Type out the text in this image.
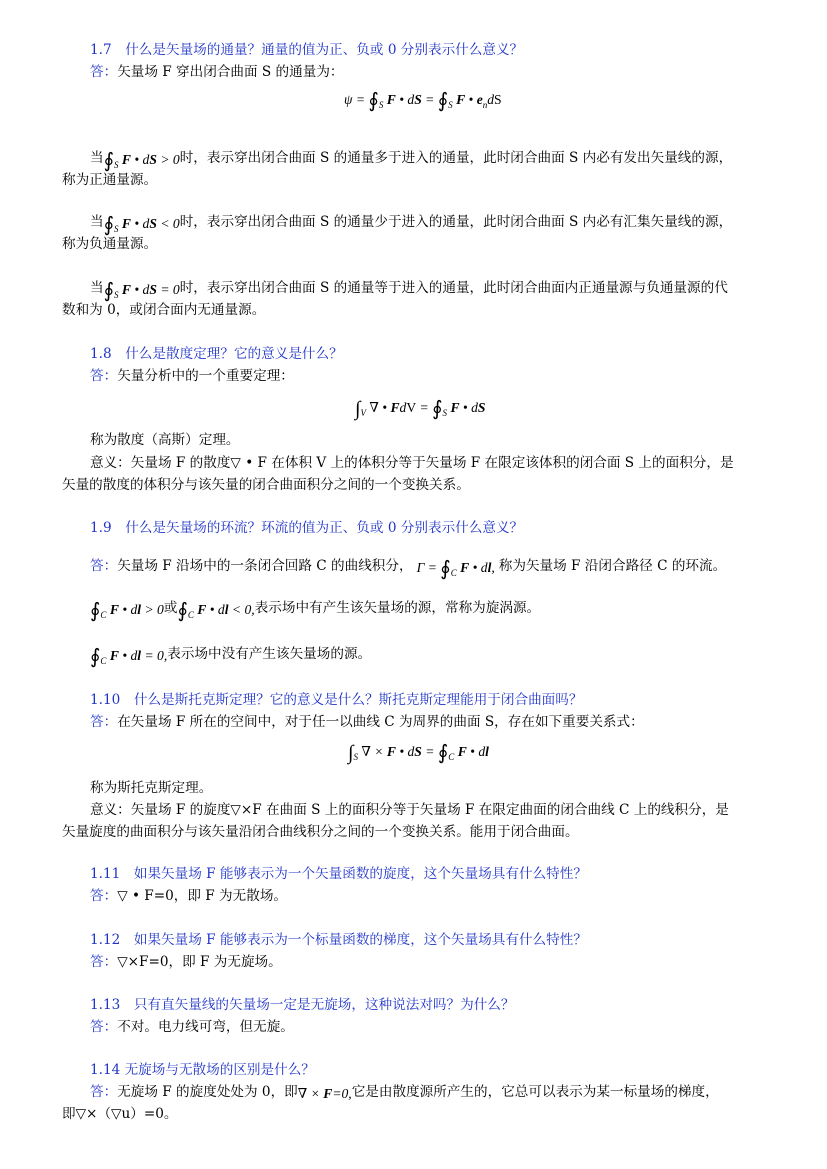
1.7　什么是矢量场的通量？通量的值为正、负或 0 分别表示什么意义？
答：矢量场 F 穿出闭合曲面 S 的通量为：
$\psi = ∮_S$ F • dS = $∮_S$ F • $e_ndS$
当$∮_S$ F • dS > 0时，表示穿出闭合曲面 S 的通量多于进入的通量，此时闭合曲面 S 内必有发出矢量线的源，
称为正通量源。
当$∮_S$ F • dS < 0时，表示穿出闭合曲面 S 的通量少于进入的通量，此时闭合曲面 S 内必有汇集矢量线的源，
称为负通量源。
当$∮_S$ F • dS = 0时，表示穿出闭合曲面 S 的通量等于进入的通量，此时闭合曲面内正通量源与负通量源的代
数和为 0，或闭合面内无通量源。
1.8　什么是散度定理？它的意义是什么？
答：矢量分析中的一个重要定理：
$\int_V$ ∇ • FdV = $∮_S$ F • dS
称为散度（高斯）定理。
意义：矢量场 F 的散度▽ • F 在体积 V 上的体积分等于矢量场 F 在限定该体积的闭合面 S 上的面积分，是
矢量的散度的体积分与该矢量的闭合曲面积分之间的一个变换关系。
1.9　什么是矢量场的环流？环流的值为正、负或 0 分别表示什么意义？
答：矢量场 F 沿场中的一条闭合回路 C 的曲线积分， $\Gamma = ∮_C$ F • dl, 称为矢量场 F 沿闭合路径 C 的环流。
$∮_C$ F • dl > 0或$∮_C$ F • dl < 0,表示场中有产生该矢量场的源，常称为旋涡源。
$∮_C$ F • dl = 0,表示场中没有产生该矢量场的源。
1.10　什么是斯托克斯定理？它的意义是什么？斯托克斯定理能用于闭合曲面吗？
答：在矢量场 F 所在的空间中，对于任一以曲线 C 为周界的曲面 S，存在如下重要关系式：
$\int_S$ ∇ × F • dS = $∮_C$ F • dl
称为斯托克斯定理。
意义：矢量场 F 的旋度▽×F 在曲面 S 上的面积分等于矢量场 F 在限定曲面的闭合曲线 C 上的线积分，是
矢量旋度的曲面积分与该矢量沿闭合曲线积分之间的一个变换关系。能用于闭合曲面。
1.11　如果矢量场 F 能够表示为一个矢量函数的旋度，这个矢量场具有什么特性？
答：▽ • F=0，即 F 为无散场。
1.12　如果矢量场 F 能够表示为一个标量函数的梯度，这个矢量场具有什么特性？
答：▽×F=0，即 F 为无旋场。
1.13　只有直矢量线的矢量场一定是无旋场，这种说法对吗？为什么？
答：不对。电力线可弯，但无旋。
1.14 无旋场与无散场的区别是什么？
答：无旋场 F 的旋度处处为 0，即∇ × F=0,它是由散度源所产生的，它总可以表示为某一标量场的梯度，
即▽×（▽u）=0。
